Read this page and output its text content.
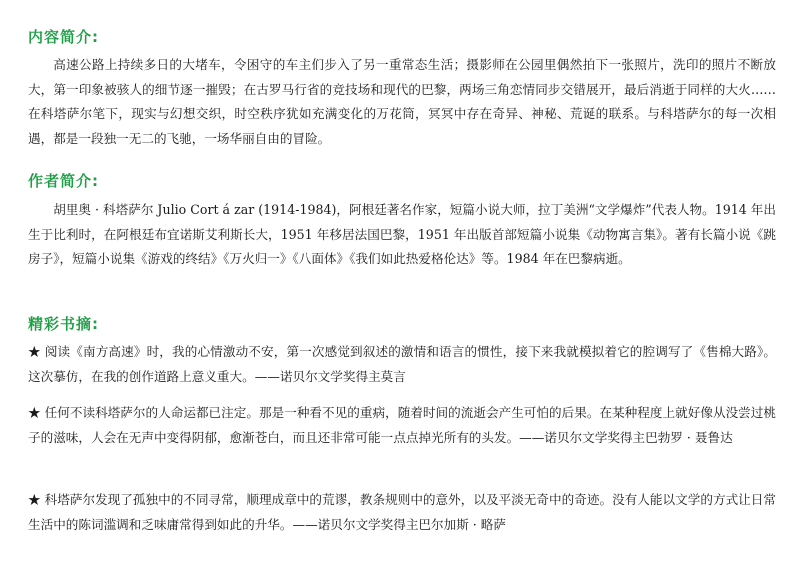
内容简介:

高速公路上持续多日的大堵车，令困守的车主们步入了另一重常态生活；摄影师在公园里偶然拍下一张照片，洗印的照片不断放大，第一印象被骇人的细节逐一摧毁；在古罗马行省的竞技场和现代的巴黎，两场三角恋情同步交错展开，最后消逝于同样的大火……在科塔萨尔笔下，现实与幻想交织，时空秩序犹如充满变化的万花筒，冥冥中存在奇异、神秘、荒诞的联系。与科塔萨尔的每一次相遇，都是一段独一无二的飞驰，一场华丽自由的冒险。

作者简介:

胡里奥 · 科塔萨尔 Julio Cort á zar (1914-1984)，阿根廷著名作家，短篇小说大师，拉丁美洲“文学爆炸”代表人物。1914 年出生于比利时，在阿根廷布宜诺斯艾利斯长大，1951 年移居法国巴黎，1951 年出版首部短篇小说集《动物寓言集》。著有长篇小说《跳房子》，短篇小说集《游戏的终结》《万火归一》《八面体》《我们如此热爱格伦达》等。1984 年在巴黎病逝。

精彩书摘:

★ 阅读《南方高速》时，我的心情激动不安，第一次感觉到叙述的激情和语言的惯性，接下来我就模拟着它的腔调写了《售棉大路》。这次摹仿，在我的创作道路上意义重大。——诺贝尔文学奖得主莫言

★ 任何不读科塔萨尔的人命运都已注定。那是一种看不见的重病，随着时间的流逝会产生可怕的后果。在某种程度上就好像从没尝过桃子的滋味，人会在无声中变得阴郁，愈渐苍白，而且还非常可能一点点掉光所有的头发。——诺贝尔文学奖得主巴勃罗 · 聂鲁达

★ 科塔萨尔发现了孤独中的不同寻常，顺理成章中的荒谬，教条规则中的意外，以及平淡无奇中的奇迹。没有人能以文学的方式让日常生活中的陈词滥调和乏味庸常得到如此的升华。——诺贝尔文学奖得主巴尔加斯 · 略萨
